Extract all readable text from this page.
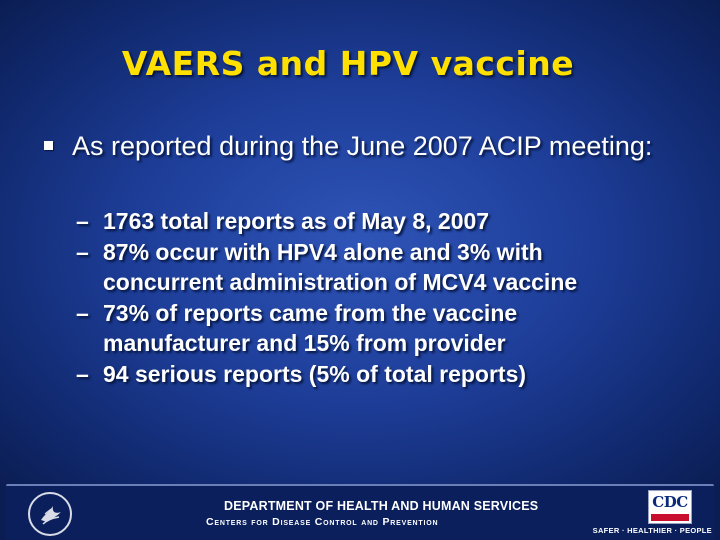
VAERS and HPV vaccine
As reported during the June 2007 ACIP meeting:
– 1763 total reports as of May 8, 2007
– 87% occur with HPV4 alone and 3% with concurrent administration of MCV4 vaccine
– 73% of reports came from the vaccine manufacturer and 15% from provider
– 94 serious reports (5% of total reports)
DEPARTMENT OF HEALTH AND HUMAN SERVICES
Centers for Disease Control and Prevention
CDC
SAFER · HEALTHIER · PEOPLE
